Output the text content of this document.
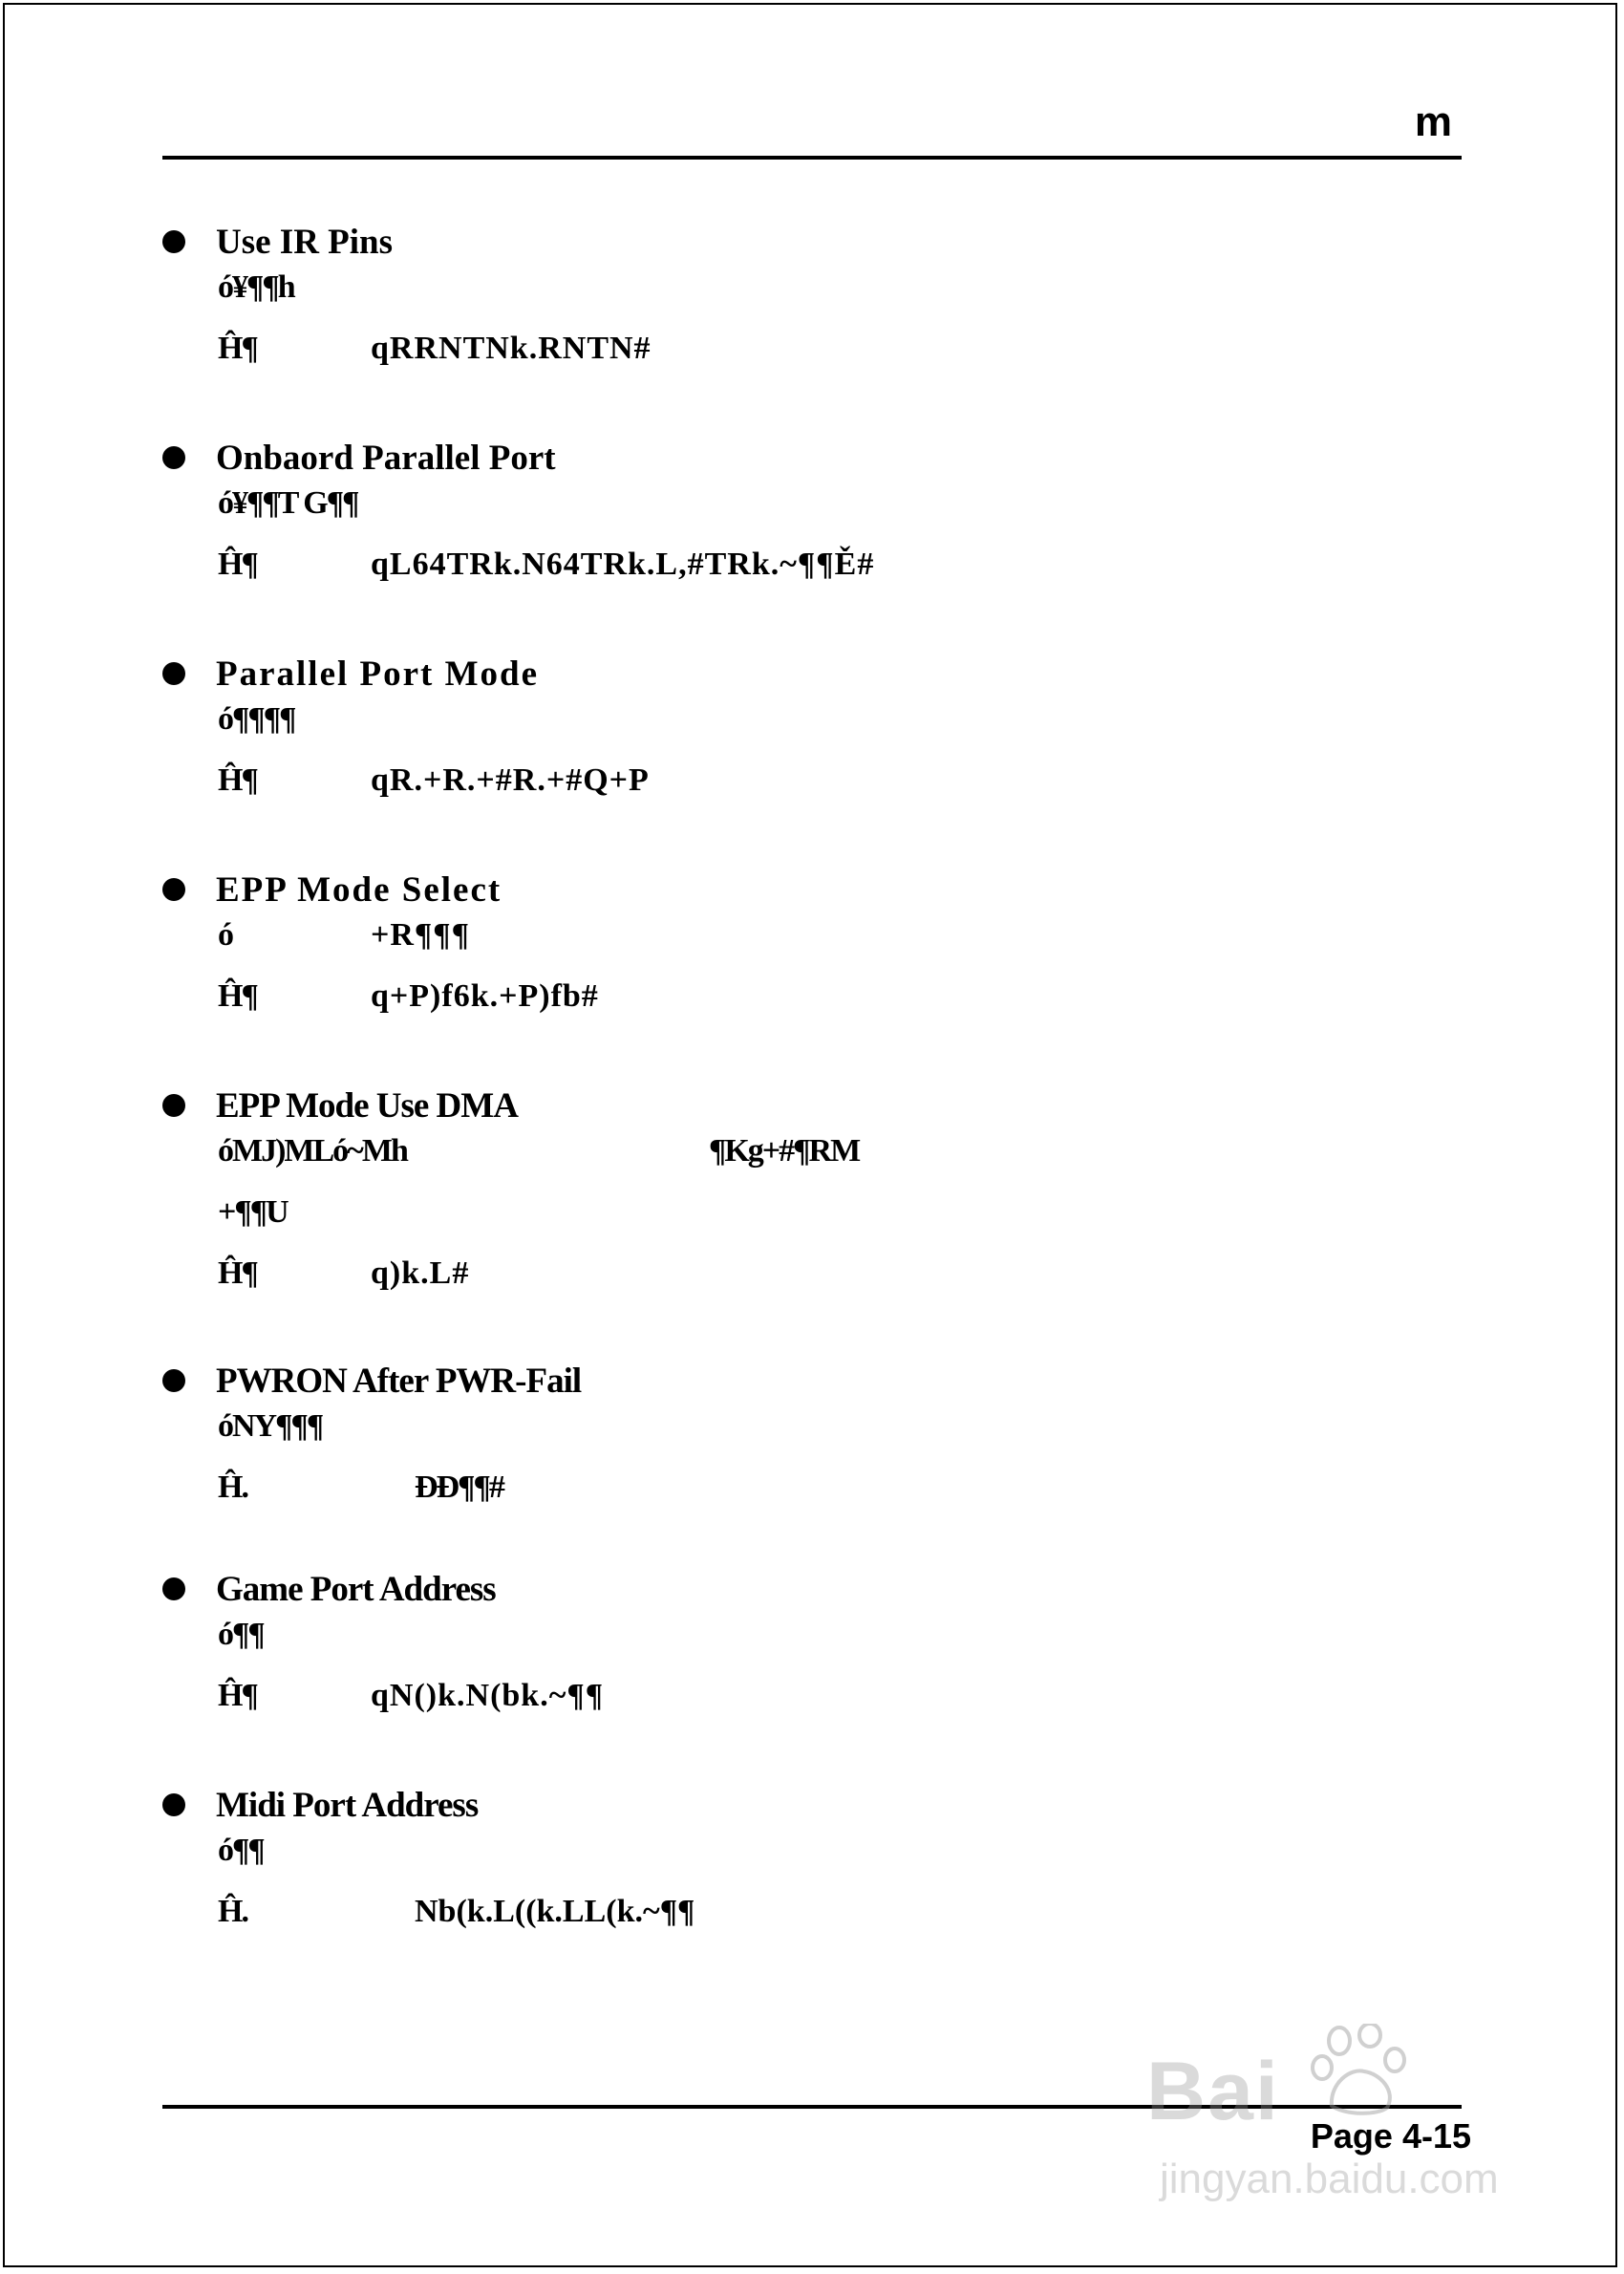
m
Use IR Pins
ó¥¶¶h
Ĥ¶	qRRNTNk.RNTN#
Onbaord Parallel Port
ó¥¶¶T G¶¶
Ĥ¶	qL64TRk.N64TRk.L,#TRk.~¶¶Ě#
Parallel Port Mode
ó¶¶¶¶
Ĥ¶	qR.+R.+#R.+#Q+P
EPP Mode Select
ó	+R¶¶¶
Ĥ¶	q+P)f6k.+P)fb#
EPP Mode Use DMA
óMJ)MLó~Mh	¶Kg+#¶RM
+¶¶U
Ĥ¶	q)k.L#
PWRON After PWR-Fail
óNY¶¶¶
Ĥ.	ÐÐ¶¶#
Game Port Address
ó¶¶
Ĥ¶	qN()k.N(bk.~¶¶
Midi Port Address
ó¶¶
Ĥ.	Nb(k.L((k.LL(k.~¶¶
Page 4-15
Bai
jingyan.baidu.com
